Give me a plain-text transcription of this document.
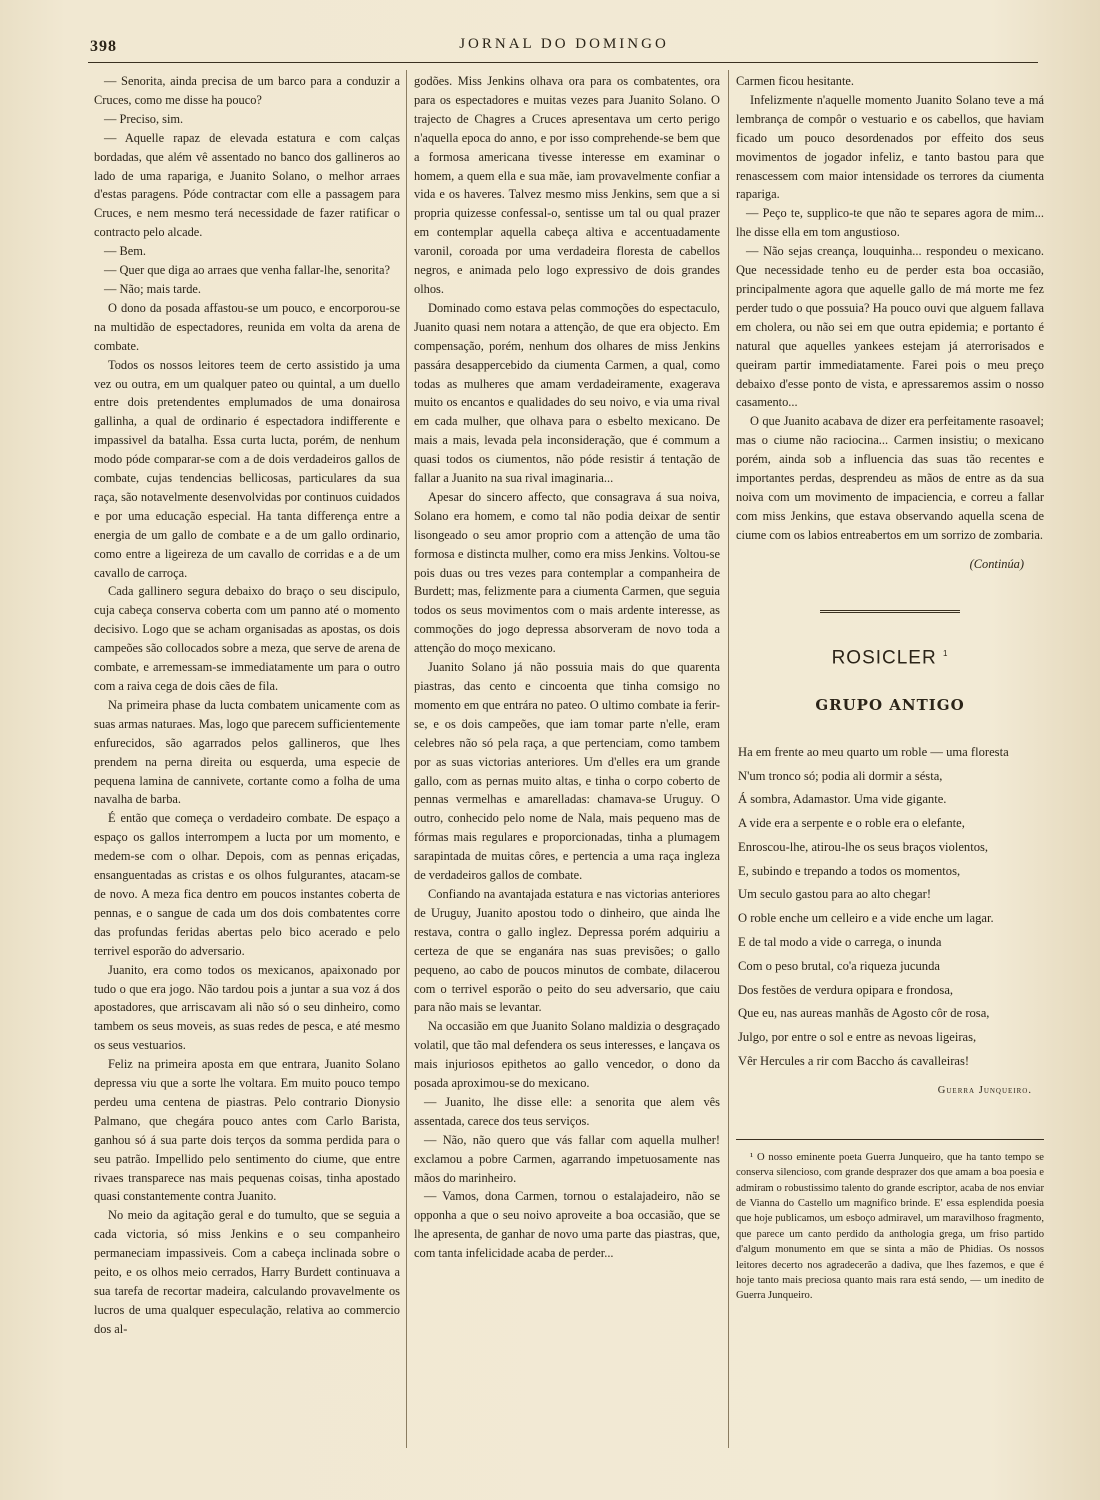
398	JORNAL DO DOMINGO

— Senorita, ainda precisa de um barco para a conduzir a Cruces, como me disse ha pouco?

— Preciso, sim.

— Aquelle rapaz de elevada estatura e com calças bordadas, que além vê assentado no banco dos gallineros ao lado de uma rapariga, e Juanito Solano, o melhor arraes d'estas paragens. Póde contractar com elle a passagem para Cruces, e nem mesmo terá necessidade de fazer ratificar o contracto pelo alcade.

— Bem.

— Quer que diga ao arraes que venha fallar-lhe, senorita?

— Não; mais tarde.

O dono da posada affastou-se um pouco, e encorporou-se na multidão de espectadores, reunida em volta da arena de combate.

Todos os nossos leitores teem de certo assistido ja uma vez ou outra, em um qualquer pateo ou quintal, a um duello entre dois pretendentes emplumados de uma donairosa gallinha, a qual de ordinario é espectadora indifferente e impassivel da batalha. Essa curta lucta, porém, de nenhum modo póde comparar-se com a de dois verdadeiros gallos de combate, cujas tendencias bellicosas, particulares da sua raça, são notavelmente desenvolvidas por continuos cuidados e por uma educação especial. Ha tanta differença entre a energia de um gallo de combate e a de um gallo ordinario, como entre a ligeireza de um cavallo de corridas e a de um cavallo de carroça.

Cada gallinero segura debaixo do braço o seu discipulo, cuja cabeça conserva coberta com um panno até o momento decisivo. Logo que se acham organisadas as apostas, os dois campeões são collocados sobre a meza, que serve de arena de combate, e arremessam-se immediatamente um para o outro com a raiva cega de dois cães de fila.

Na primeira phase da lucta combatem unicamente com as suas armas naturaes. Mas, logo que parecem sufficientemente enfurecidos, são agarrados pelos gallineros, que lhes prendem na perna direita ou esquerda, uma especie de pequena lamina de cannivete, cortante como a folha de uma navalha de barba.

É então que começa o verdadeiro combate. De espaço a espaço os gallos interrompem a lucta por um momento, e medem-se com o olhar. Depois, com as pennas eriçadas, ensanguentadas as cristas e os olhos fulgurantes, atacam-se de novo. A meza fica dentro em poucos instantes coberta de pennas, e o sangue de cada um dos dois combatentes corre das profundas feridas abertas pelo bico acerado e pelo terrivel esporão do adversario.

Juanito, era como todos os mexicanos, apaixonado por tudo o que era jogo. Não tardou pois a juntar a sua voz á dos apostadores, que arriscavam ali não só o seu dinheiro, como tambem os seus moveis, as suas redes de pesca, e até mesmo os seus vestuarios.

Feliz na primeira aposta em que entrara, Juanito Solano depressa viu que a sorte lhe voltara. Em muito pouco tempo perdeu uma centena de piastras. Pelo contrario Dionysio Palmano, que chegára pouco antes com Carlo Barista, ganhou só á sua parte dois terços da somma perdida para o seu patrão. Impellido pelo sentimento do ciume, que entre rivaes transparece nas mais pequenas coisas, tinha apostado quasi constantemente contra Juanito.

No meio da agitação geral e do tumulto, que se seguia a cada victoria, só miss Jenkins e o seu companheiro permaneciam impassiveis. Com a cabeça inclinada sobre o peito, e os olhos meio cerrados, Harry Burdett continuava a sua tarefa de recortar madeira, calculando provavelmente os lucros de uma qualquer especulação, relativa ao commercio dos al-

godões. Miss Jenkins olhava ora para os combatentes, ora para os espectadores e muitas vezes para Juanito Solano. O trajecto de Chagres a Cruces apresentava um certo perigo n'aquella epoca do anno, e por isso comprehende-se bem que a formosa americana tivesse interesse em examinar o homem, a quem ella e sua mãe, iam provavelmente confiar a vida e os haveres. Talvez mesmo miss Jenkins, sem que a si propria quizesse confessal-o, sentisse um tal ou qual prazer em contemplar aquella cabeça altiva e accentuadamente varonil, coroada por uma verdadeira floresta de cabellos negros, e animada pelo logo expressivo de dois grandes olhos.

Dominado como estava pelas commoções do espectaculo, Juanito quasi nem notara a attenção, de que era objecto. Em compensação, porém, nenhum dos olhares de miss Jenkins passára desappercebido da ciumenta Carmen, a qual, como todas as mulheres que amam verdadeiramente, exagerava muito os encantos e qualidades do seu noivo, e via uma rival em cada mulher, que olhava para o esbelto mexicano. De mais a mais, levada pela inconsideração, que é commum a quasi todos os ciumentos, não póde resistir á tentação de fallar a Juanito na sua rival imaginaria...

Apesar do sincero affecto, que consagrava á sua noiva, Solano era homem, e como tal não podia deixar de sentir lisongeado o seu amor proprio com a attenção de uma tão formosa e distincta mulher, como era miss Jenkins. Voltou-se pois duas ou tres vezes para contemplar a companheira de Burdett; mas, felizmente para a ciumenta Carmen, que seguia todos os seus movimentos com o mais ardente interesse, as commoções do jogo depressa absorveram de novo toda a attenção do moço mexicano.

Juanito Solano já não possuia mais do que quarenta piastras, das cento e cincoenta que tinha comsigo no momento em que entrára no pateo. O ultimo combate ia ferir-se, e os dois campeões, que iam tomar parte n'elle, eram celebres não só pela raça, a que pertenciam, como tambem por as suas victorias anteriores. Um d'elles era um grande gallo, com as pernas muito altas, e tinha o corpo coberto de pennas vermelhas e amarelladas: chamava-se Uruguy. O outro, conhecido pelo nome de Nala, mais pequeno mas de fórmas mais regulares e proporcionadas, tinha a plumagem sarapintada de muitas côres, e pertencia a uma raça ingleza de verdadeiros gallos de combate.

Confiando na avantajada estatura e nas victorias anteriores de Uruguy, Juanito apostou todo o dinheiro, que ainda lhe restava, contra o gallo inglez. Depressa porém adquiriu a certeza de que se enganára nas suas previsões; o gallo pequeno, ao cabo de poucos minutos de combate, dilacerou com o terrivel esporão o peito do seu adversario, que caiu para não mais se levantar.

Na occasião em que Juanito Solano maldizia o desgraçado volatil, que tão mal defendera os seus interesses, e lançava os mais injuriosos epithetos ao gallo vencedor, o dono da posada aproximou-se do mexicano.

— Juanito, lhe disse elle: a senorita que alem vês assentada, carece dos teus serviços.

— Não, não quero que vás fallar com aquella mulher! exclamou a pobre Carmen, agarrando impetuosamente nas mãos do marinheiro.

— Vamos, dona Carmen, tornou o estalajadeiro, não se opponha a que o seu noivo aproveite a boa occasião, que se lhe apresenta, de ganhar de novo uma parte das piastras, que, com tanta infelicidade acaba de perder...

Carmen ficou hesitante.

Infelizmente n'aquelle momento Juanito Solano teve a má lembrança de compôr o vestuario e os cabellos, que haviam ficado um pouco desordenados por effeito dos seus movimentos de jogador infeliz, e tanto bastou para que renascessem com maior intensidade os terrores da ciumenta rapariga.

— Peço te, supplico-te que não te separes agora de mim... lhe disse ella em tom angustioso.

— Não sejas creança, louquinha... respondeu o mexicano. Que necessidade tenho eu de perder esta boa occasião, principalmente agora que aquelle gallo de má morte me fez perder tudo o que possuia? Ha pouco ouvi que alguem fallava em cholera, ou não sei em que outra epidemia; e portanto é natural que aquelles yankees estejam já aterrorisados e queiram partir immediatamente. Farei pois o meu preço debaixo d'esse ponto de vista, e apressaremos assim o nosso casamento...

O que Juanito acabava de dizer era perfeitamente rasoavel; mas o ciume não raciocina... Carmen insistiu; o mexicano porém, ainda sob a influencia das suas tão recentes e importantes perdas, desprendeu as mãos de entre as da sua noiva com um movimento de impaciencia, e correu a fallar com miss Jenkins, que estava observando aquella scena de ciume com os labios entreabertos em um sorrizo de zombaria.

(Continúa)

ROSICLER $^1$
GRUPO ANTIGO
Ha em frente ao meu quarto um roble — uma floresta
N'um tronco só; podia ali dormir a sésta,
Á sombra, Adamastor. Uma vide gigante.
A vide era a serpente e o roble era o elefante,
Enroscou-lhe, atirou-lhe os seus braços violentos,
E, subindo e trepando a todos os momentos,
Um seculo gastou para ao alto chegar!
O roble enche um celleiro e a vide enche um lagar.
E de tal modo a vide o carrega, o inunda
Com o peso brutal, co'a riqueza jucunda
Dos festões de verdura opipara e frondosa,
Que eu, nas aureas manhãs de Agosto côr de rosa,
Julgo, por entre o sol e entre as nevoas ligeiras,
Vêr Hercules a rir com Baccho ás cavalleiras!
Guerra Junqueiro.
¹ O nosso eminente poeta Guerra Junqueiro, que ha tanto tempo se conserva silencioso, com grande desprazer dos que amam a boa poesia e admiram o robustissimo talento do grande escriptor, acaba de nos enviar de Vianna do Castello um magnifico brinde. E' essa esplendida poesia que hoje publicamos, um esboço admiravel, um maravilhoso fragmento, que parece um canto perdido da anthologia grega, um friso partido d'algum monumento em que se sinta a mão de Phidias. Os nossos leitores decerto nos agradecerão a dadiva, que lhes fazemos, e que é hoje tanto mais preciosa quanto mais rara está sendo, — um inedito de Guerra Junqueiro.
